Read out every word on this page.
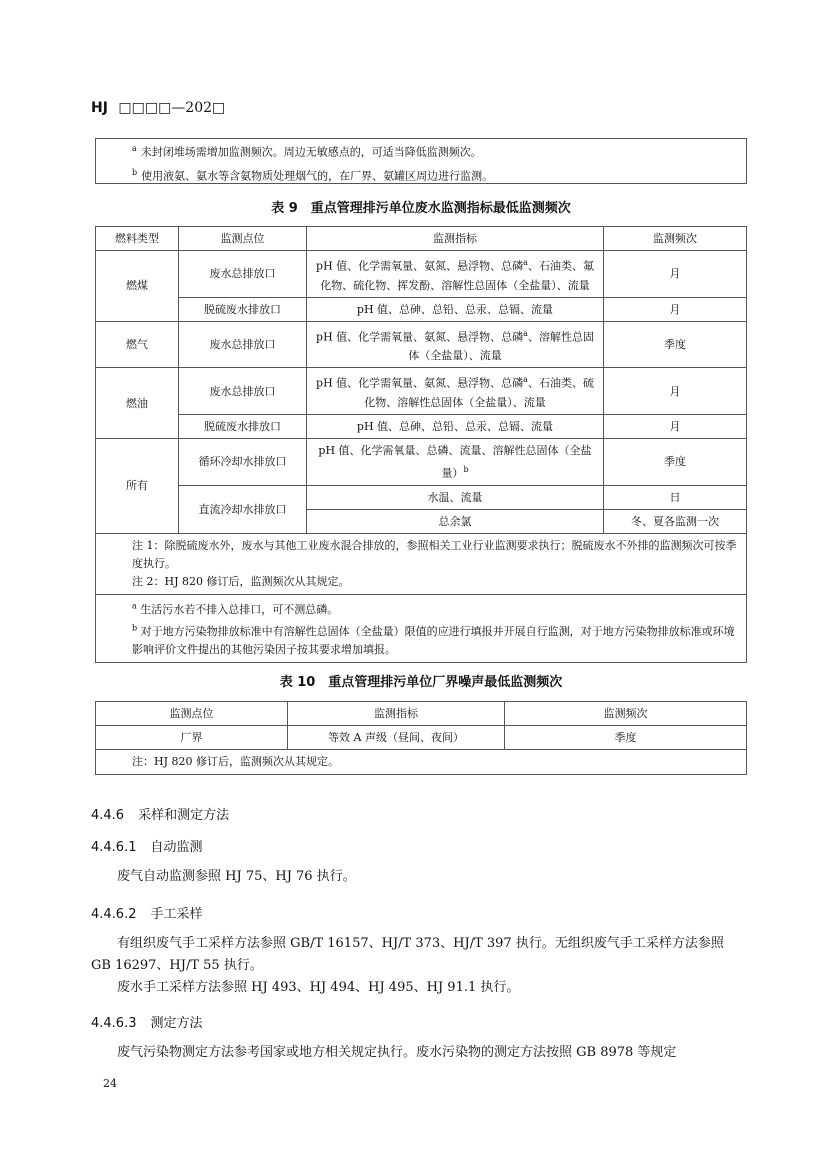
HJ □□□□—202□
$^a$ 未封闭堆场需增加监测频次。周边无敏感点的，可适当降低监测频次。
$^b$ 使用液氨、氨水等含氨物质处理烟气的，在厂界、氨罐区周边进行监测。
表 9　重点管理排污单位废水监测指标最低监测频次
燃料类型	监测点位	监测指标	监测频次
燃煤	废水总排放口	pH 值、化学需氧量、氨氮、悬浮物、总磷$^a$、石油类、氟化物、硫化物、挥发酚、溶解性总固体（全盐量）、流量	月
	脱硫废水排放口	pH 值、总砷、总铅、总汞、总镉、流量	月
燃气	废水总排放口	pH 值、化学需氧量、氨氮、悬浮物、总磷$^a$、溶解性总固体（全盐量）、流量	季度
燃油	废水总排放口	pH 值、化学需氧量、氨氮、悬浮物、总磷$^a$、石油类、硫化物、溶解性总固体（全盐量）、流量	月
	脱硫废水排放口	pH 值、总砷、总铅、总汞、总镉、流量	月
所有	循环冷却水排放口	pH 值、化学需氧量、总磷、流量、溶解性总固体（全盐量）$^b$	季度
	直流冷却水排放口	水温、流量	日
		总余氯	冬、夏各监测一次
注 1：除脱硫废水外，废水与其他工业废水混合排放的，参照相关工业行业监测要求执行；脱硫废水不外排的监测频次可按季度执行。
注 2：HJ 820 修订后，监测频次从其规定。			
$^a$ 生活污水若不排入总排口，可不测总磷。
$^b$ 对于地方污染物排放标准中有溶解性总固体（全盐量）限值的应进行填报并开展自行监测，对于地方污染物排放标准或环境影响评价文件提出的其他污染因子按其要求增加填报。			
表 10　重点管理排污单位厂界噪声最低监测频次
监测点位	监测指标	监测频次
厂界	等效 A 声级（昼间、夜间）	季度
注：HJ 820 修订后，监测频次从其规定。		
4.4.6 采样和测定方法
4.4.6.1 自动监测
废气自动监测参照 HJ 75、HJ 76 执行。
4.4.6.2 手工采样
有组织废气手工采样方法参照 GB/T 16157、HJ/T 373、HJ/T 397 执行。无组织废气手工采样方法参照 GB 16297、HJ/T 55 执行。
废水手工采样方法参照 HJ 493、HJ 494、HJ 495、HJ 91.1 执行。
4.4.6.3 测定方法
废气污染物测定方法参考国家或地方相关规定执行。废水污染物的测定方法按照 GB 8978 等规定
24
